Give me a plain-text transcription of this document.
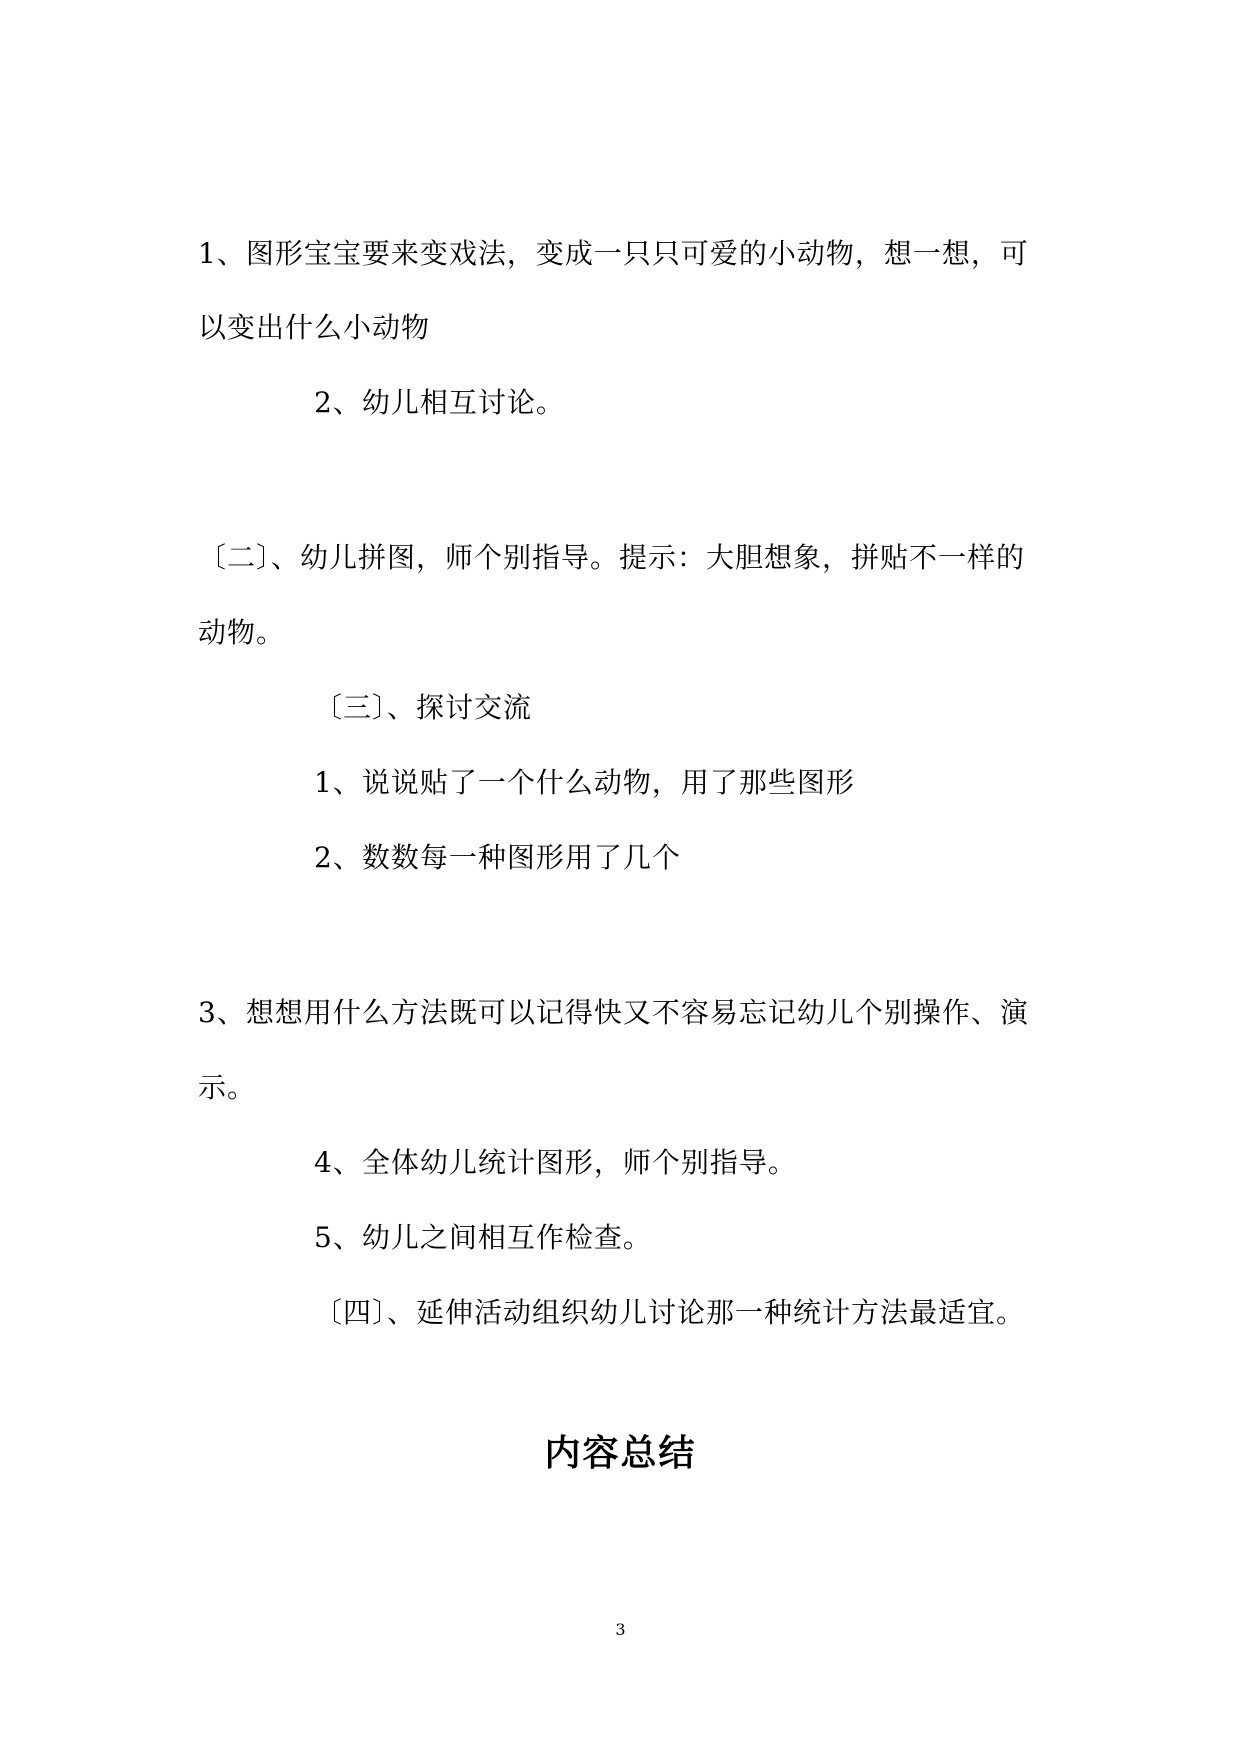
1、图形宝宝要来变戏法，变成一只只可爱的小动物，想一想，可
以变出什么小动物
2、幼儿相互讨论。
〔二〕、幼儿拼图，师个别指导。提示：大胆想象，拼贴不一样的
动物。
〔三〕、探讨交流
1、说说贴了一个什么动物，用了那些图形
2、数数每一种图形用了几个
3、想想用什么方法既可以记得快又不容易忘记幼儿个别操作、演
示。
4、全体幼儿统计图形，师个别指导。
5、幼儿之间相互作检查。
〔四〕、延伸活动组织幼儿讨论那一种统计方法最适宜。
内容总结
3
